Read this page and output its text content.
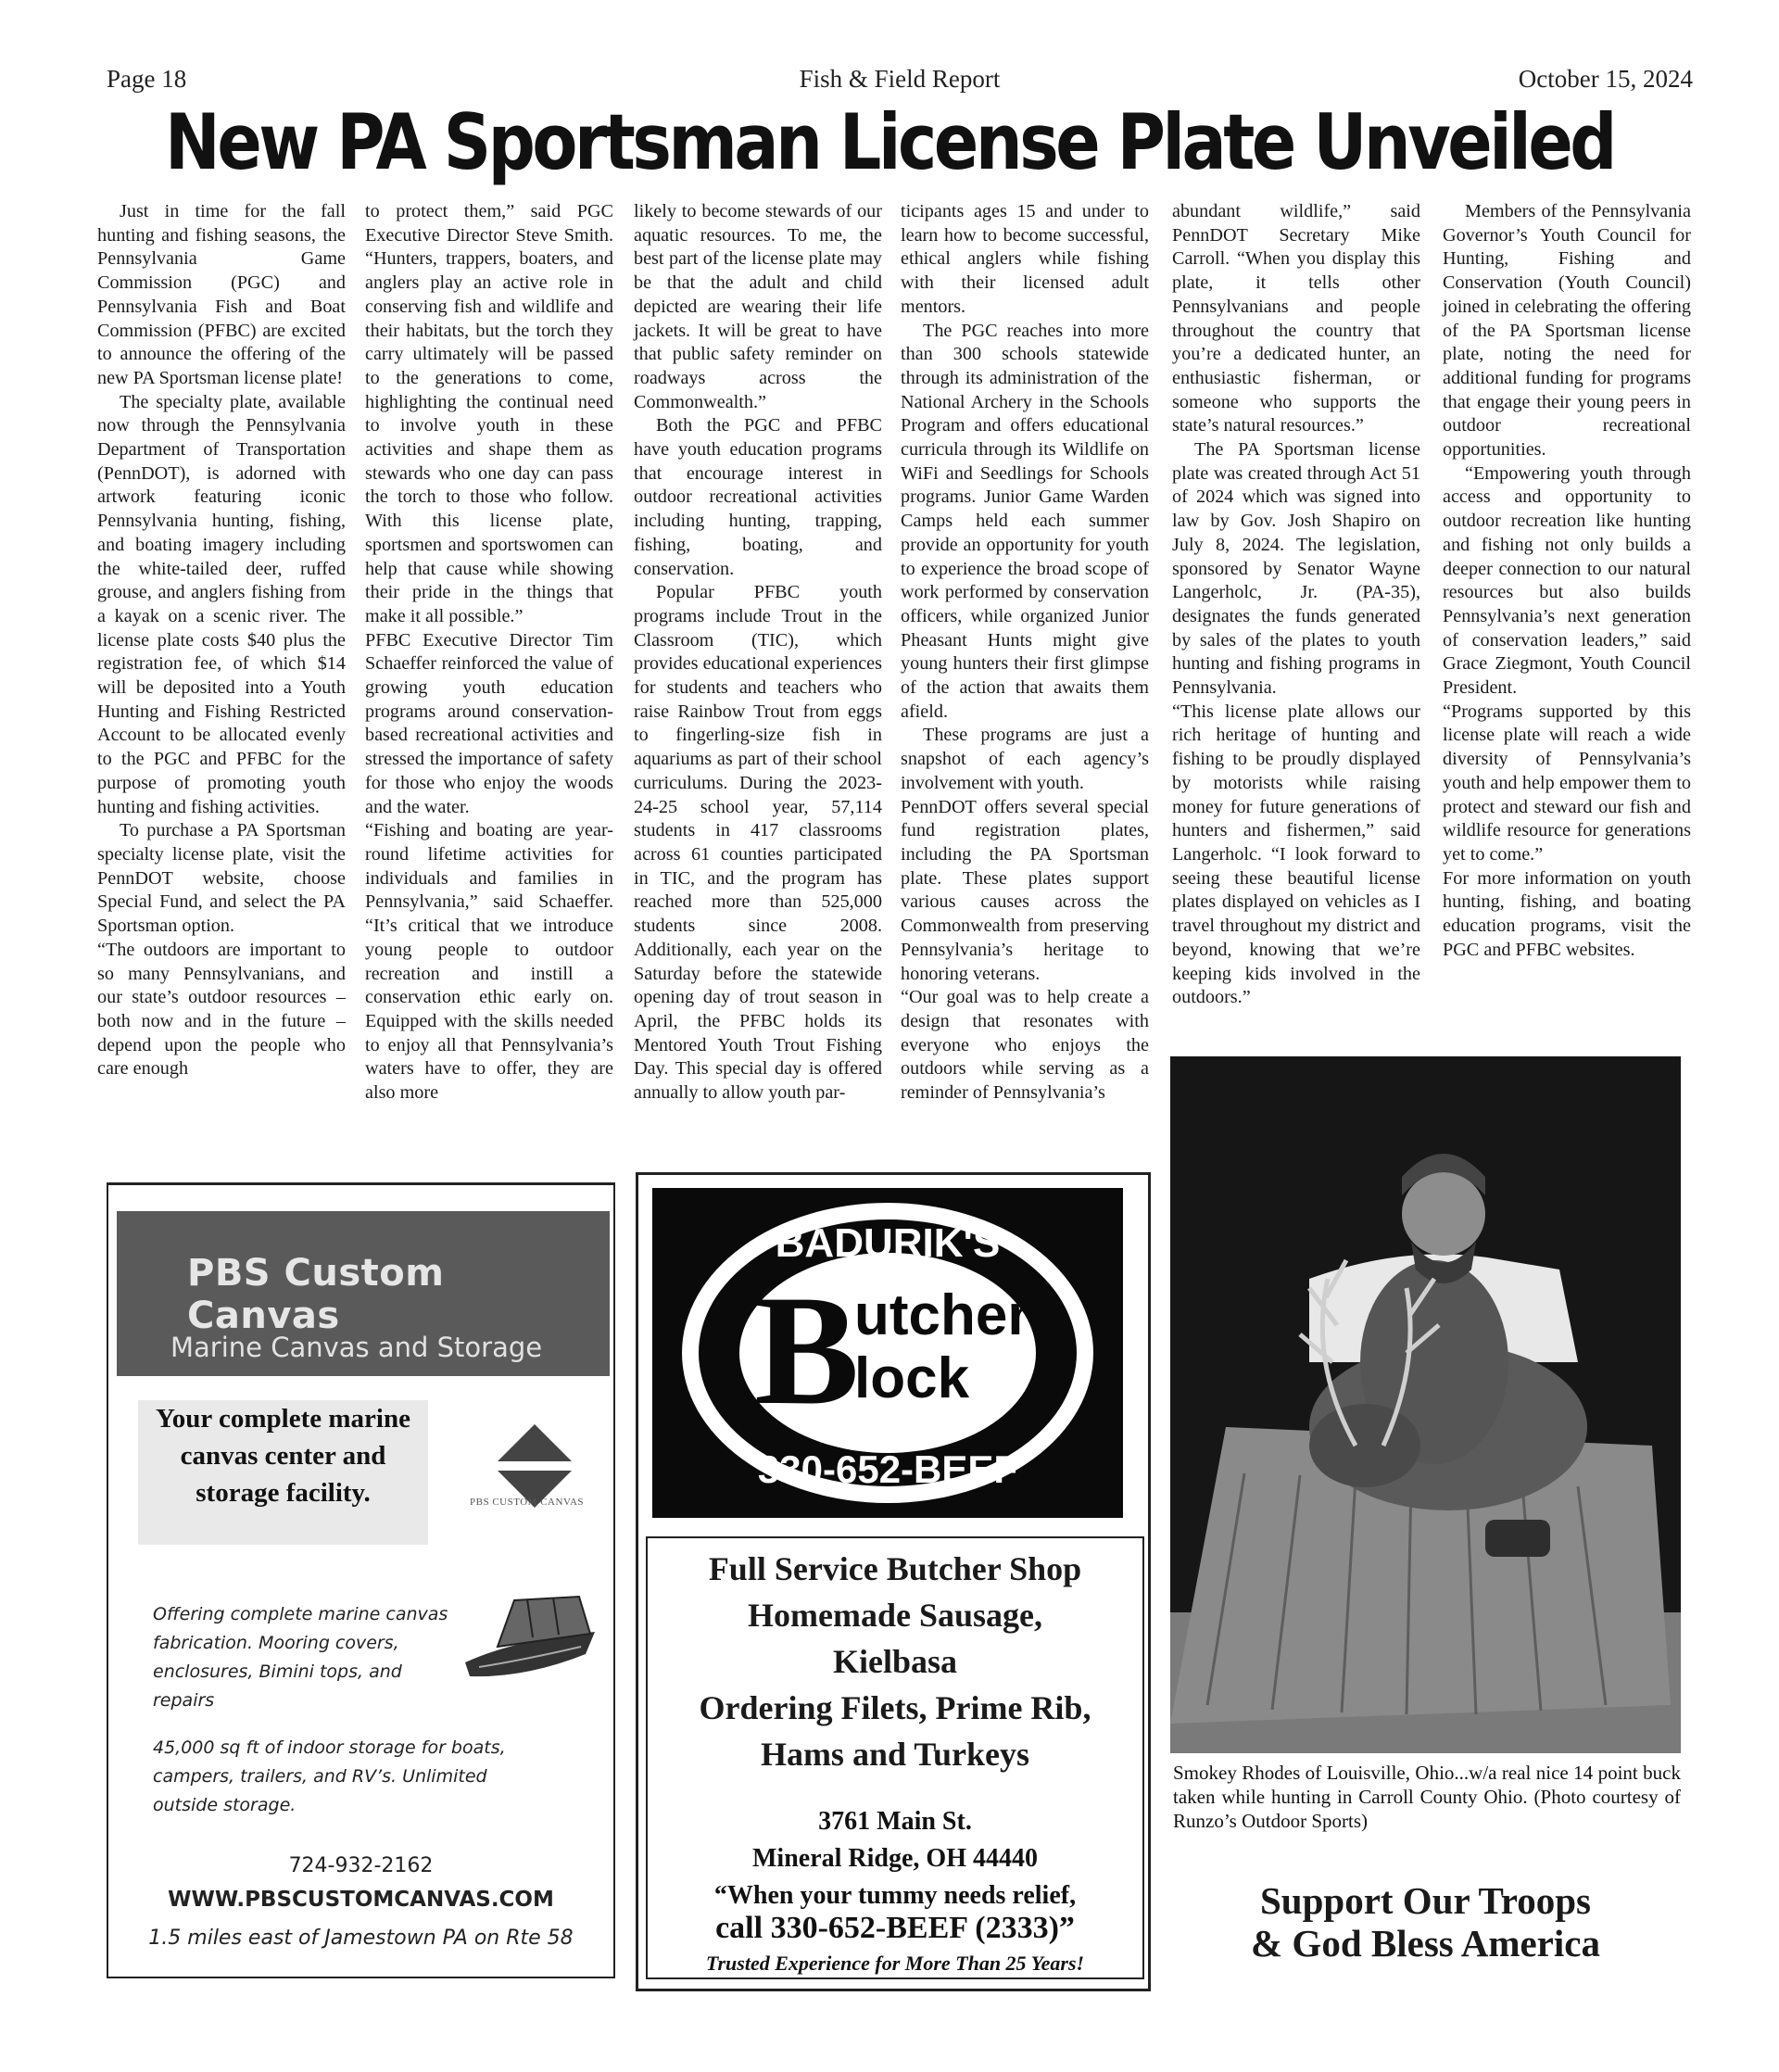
Page 18	Fish & Field Report	October 15, 2024
New PA Sportsman License Plate Unveiled

Just in time for the fall hunting and fishing seasons, the Pennsylvania Game Commission (PGC) and Pennsylvania Fish and Boat Commission (PFBC) are excited to announce the offering of the new PA Sportsman license plate!

The specialty plate, available now through the Pennsylvania Department of Transportation (PennDOT), is adorned with artwork featuring iconic Pennsylvania hunting, fishing, and boating imagery including the white-tailed deer, ruffed grouse, and anglers fishing from a kayak on a scenic river. The license plate costs $40 plus the registration fee, of which $14 will be deposited into a Youth Hunting and Fishing Restricted Account to be allocated evenly to the PGC and PFBC for the purpose of promoting youth hunting and fishing activities.

To purchase a PA Sportsman specialty license plate, visit the PennDOT website, choose Special Fund, and select the PA Sportsman option.

“The outdoors are important to so many Pennsylvanians, and our state’s outdoor resources – both now and in the future – depend upon the people who care enough

to protect them,” said PGC Executive Director Steve Smith. “Hunters, trappers, boaters, and anglers play an active role in conserving fish and wildlife and their habitats, but the torch they carry ultimately will be passed to the generations to come, highlighting the continual need to involve youth in these activities and shape them as stewards who one day can pass the torch to those who follow. With this license plate, sportsmen and sportswomen can help that cause while showing their pride in the things that make it all possible.”

PFBC Executive Director Tim Schaeffer reinforced the value of growing youth education programs around conservation-based recreational activities and stressed the importance of safety for those who enjoy the woods and the water.

“Fishing and boating are year-round lifetime activities for individuals and families in Pennsylvania,” said Schaeffer. “It’s critical that we introduce young people to outdoor recreation and instill a conservation ethic early on. Equipped with the skills needed to enjoy all that Pennsylvania’s waters have to offer, they are also more

likely to become stewards of our aquatic resources. To me, the best part of the license plate may be that the adult and child depicted are wearing their life jackets. It will be great to have that public safety reminder on roadways across the Commonwealth.”

Both the PGC and PFBC have youth education programs that encourage interest in outdoor recreational activities including hunting, trapping, fishing, boating, and conservation.

Popular PFBC youth programs include Trout in the Classroom (TIC), which provides educational experiences for students and teachers who raise Rainbow Trout from eggs to fingerling-size fish in aquariums as part of their school curriculums. During the 2023-24-25 school year, 57,114 students in 417 classrooms across 61 counties participated in TIC, and the program has reached more than 525,000 students since 2008. Additionally, each year on the Saturday before the statewide opening day of trout season in April, the PFBC holds its Mentored Youth Trout Fishing Day. This special day is offered annually to allow youth par-

ticipants ages 15 and under to learn how to become successful, ethical anglers while fishing with their licensed adult mentors.

The PGC reaches into more than 300 schools statewide through its administration of the National Archery in the Schools Program and offers educational curricula through its Wildlife on WiFi and Seedlings for Schools programs. Junior Game Warden Camps held each summer provide an opportunity for youth to experience the broad scope of work performed by conservation officers, while organized Junior Pheasant Hunts might give young hunters their first glimpse of the action that awaits them afield.

These programs are just a snapshot of each agency’s involvement with youth.

PennDOT offers several special fund registration plates, including the PA Sportsman plate. These plates support various causes across the Commonwealth from preserving Pennsylvania’s heritage to honoring veterans.

“Our goal was to help create a design that resonates with everyone who enjoys the outdoors while serving as a reminder of Pennsylvania’s

abundant wildlife,” said PennDOT Secretary Mike Carroll. “When you display this plate, it tells other Pennsylvanians and people throughout the country that you’re a dedicated hunter, an enthusiastic fisherman, or someone who supports the state’s natural resources.”

The PA Sportsman license plate was created through Act 51 of 2024 which was signed into law by Gov. Josh Shapiro on July 8, 2024. The legislation, sponsored by Senator Wayne Langerholc, Jr. (PA-35), designates the funds generated by sales of the plates to youth hunting and fishing programs in Pennsylvania.

“This license plate allows our rich heritage of hunting and fishing to be proudly displayed by motorists while raising money for future generations of hunters and fishermen,” said Langerholc. “I look forward to seeing these beautiful license plates displayed on vehicles as I travel throughout my district and beyond, knowing that we’re keeping kids involved in the outdoors.”

Members of the Pennsylvania Governor’s Youth Council for Hunting, Fishing and Conservation (Youth Council) joined in celebrating the offering of the PA Sportsman license plate, noting the need for additional funding for programs that engage their young peers in outdoor recreational opportunities.

“Empowering youth through access and opportunity to outdoor recreation like hunting and fishing not only builds a deeper connection to our natural resources but also builds Pennsylvania’s next generation of conservation leaders,” said Grace Ziegmont, Youth Council President.

“Programs supported by this license plate will reach a wide diversity of Pennsylvania’s youth and help empower them to protect and steward our fish and wildlife resource for generations yet to come.”

For more information on youth hunting, fishing, and boating education programs, visit the PGC and PFBC websites.

PBS Custom Canvas
Marine Canvas and Storage
Your complete marine canvas center and storage facility.	PBS CUSTOM CANVAS
Offering complete marine canvas fabrication. Mooring covers, enclosures, Bimini tops, and repairs
45,000 sq ft of indoor storage for boats, campers, trailers, and RV’s. Unlimited outside storage.
724-932-2162
WWW.PBSCUSTOMCANVAS.COM
1.5 miles east of Jamestown PA on Rte 58
BADURIK'S
B
utcher
lock
330-652-BEEF
Full Service Butcher Shop
Homemade Sausage,
Kielbasa
Ordering Filets, Prime Rib,
Hams and Turkeys
3761 Main St.
Mineral Ridge, OH 44440
“When your tummy needs relief,
call 330-652-BEEF (2333)”
Trusted Experience for More Than 25 Years!
Smokey Rhodes of Louisville, Ohio...w/a real nice 14 point buck taken while hunting in Carroll County Ohio. (Photo courtesy of Runzo’s Outdoor Sports)
Support Our Troops
& God Bless America
